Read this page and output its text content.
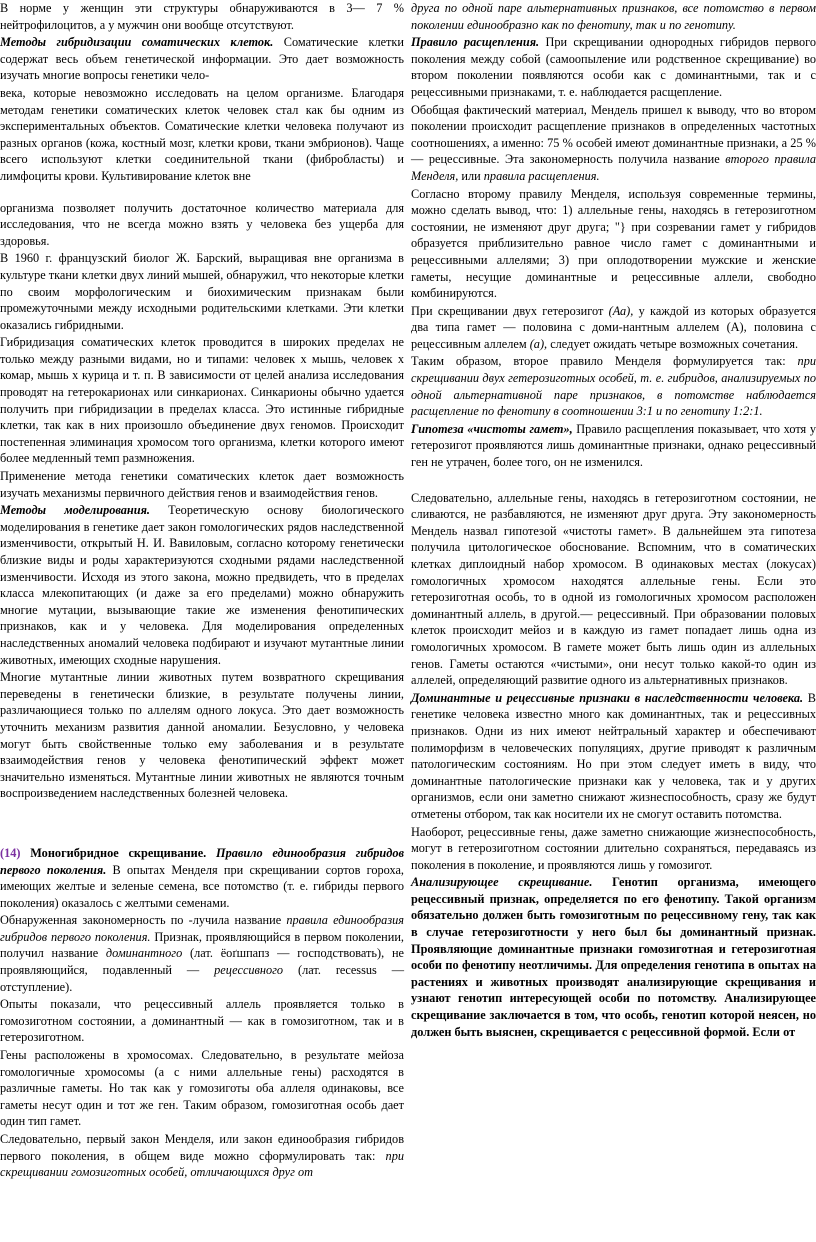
В норме у женщин эти структуры обнаруживаются в 3— 7 % нейтрофилоцитов, а у мужчин они вообще отсутствуют.

Методы гибридизации соматических клеток. Соматические клетки содержат весь объем генетической информации. Это дает возможность изучать многие вопросы генетики чело-

века, которые невозможно исследовать на целом организме. Благодаря методам генетики соматических клеток человек стал как бы одним из экспериментальных объектов. Соматические клетки человека получают из разных органов (кожа, костный мозг, клетки крови, ткани эмбрионов). Чаще всего используют клетки соединительной ткани (фибробласты) и лимфоциты крови. Культивирование клеток вне

организма позволяет получить достаточное количество материала для исследования, что не всегда можно взять у человека без ущерба для здоровья.

В 1960 г. французский биолог Ж. Барский, выращивая вне организма в культуре ткани клетки двух линий мышей, обнаружил, что некоторые клетки по своим морфологическим и биохимическим признакам были промежуточными между исходными родительскими клетками. Эти клетки оказались гибридными.

Гибридизация соматических клеток проводится в широких пределах не только между разными видами, но и типами: человек х мышь, человек х комар, мышь х курица и т. п. В зависимости от целей анализа исследования проводят на гетерокарионах или синкарионах. Синкарионы обычно удается получить при гибридизации в пределах класса. Это истинные гибридные клетки, так как в них произошло объединение двух геномов. Происходит постепенная элиминация хромосом того организма, клетки которого имеют более медленный темп размножения.

Применение метода генетики соматических клеток дает возможность изучать механизмы первичного действия генов и взаимодействия генов.

Методы моделирования. Теоретическую основу биологического моделирования в генетике дает закон гомологических рядов наследственной изменчивости, открытый Н. И. Вавиловым, согласно которому генетически близкие виды и роды характеризуются сходными рядами наследственной изменчивости. Исходя из этого закона, можно предвидеть, что в пределах класса млекопитающих (и даже за его пределами) можно обнаружить многие мутации, вызывающие такие же изменения фенотипических признаков, как и у человека. Для моделирования определенных наследственных аномалий человека подбирают и изучают мутантные линии животных, имеющих сходные нарушения.

Многие мутантные линии животных путем возвратного скрещивания переведены в генетически близкие, в результате получены линии, различающиеся только по аллелям одного локуса. Это дает возможность уточнить механизм развития данной аномалии. Безусловно, у человека могут быть свойственные только ему заболевания и в результате взаимодействия генов у человека фенотипический эффект может значительно изменяться. Мутантные линии животных не являются точным воспроизведением наследственных болезней человека.

(14) Моногибридное скрещивание. Правило единообразия гибридов первого поколения. В опытах Менделя при скрещивании сортов гороха, имеющих желтые и зеленые семена, все потомство (т. е. гибриды первого поколения) оказалось с желтыми семенами.

Обнаруженная закономерность по -лучила название правила единообразия гибридов первого поколения. Признак, проявляющийся в первом поколении, получил название доминантного (лат. ёоґшпапз — господствовать), не проявляющийся, подавленный — рецессивного (лат. recessus — отступление).

Опыты показали, что рецессивный аллель проявляется только в гомозиготном состоянии, а доминантный — как в гомозиготном, так и в гетерозиготном.

Гены расположены в хромосомах. Следовательно, в результате мейоза гомологичные хромосомы (а с ними аллельные гены) расходятся в различные гаметы. Но так как у гомозиготы оба аллеля одинаковы, все гаметы несут один и тот же ген. Таким образом, гомозиготная особь дает один тип гамет.

Следовательно, первый закон Менделя, или закон единообразия гибридов первого поколения, в общем виде можно сформулировать так: при скрещивании гомозиготных особей, отличающихся друг от

друга по одной паре альтернативных признаков, все потомство в первом поколении единообразно как по фенотипу, так и по генотипу.

Правило расщепления. При скрещивании однородных гибридов первого поколения между собой (самоопыление или родственное скрещивание) во втором поколении появляются особи как с доминантными, так и с рецессивными признаками, т. е. наблюдается расщепление.

Обобщая фактический материал, Мендель пришел к выводу, что во втором поколении происходит расщепление признаков в определенных частотных соотношениях, а именно: 75 % особей имеют доминантные признаки, а 25 % — рецессивные. Эта закономерность получила название второго правила Менделя, или правила расщепления.

Согласно второму правилу Менделя, используя современные термины, можно сделать вывод, что: 1) аллельные гены, находясь в гетерозиготном состоянии, не изменяют друг друга; "} при созревании гамет у гибридов образуется приблизительно равное число гамет с доминантными и рецессивными аллелями; 3) при оплодотворении мужские и женские гаметы, несущие доминантные и рецессивные аллели, свободно комбинируются.

При скрещивании двух гетерозигот (Аа), у каждой из которых образуется два типа гамет — половина с доми-нантным аллелем (А), половина с рецессивным аллелем (а), следует ожидать четыре возможных сочетания.

Таким образом, второе правило Менделя формулируется так: при скрещивании двух гетерозиготных особей, т. е. гибридов, анализируемых по одной альтернативной паре признаков, в потомстве наблюдается расщепление по фенотипу в соотношении 3:1 и по генотипу 1:2:1.

Гипотеза «чистоты гамет», Правило расщепления показывает, что хотя у гетерозигот проявляются лишь доминантные признаки, однако рецессивный ген не утрачен, более того, он не изменился.

Следовательно, аллельные гены, находясь в гетерозиготном состоянии, не сливаются, не разбавляются, не изменяют друг друга. Эту закономерность Мендель назвал гипотезой «чистоты гамет». В дальнейшем эта гипотеза получила цитологическое обоснование. Вспомним, что в соматических клетках диплоидный набор хромосом. В одинаковых местах (локусах) гомологичных хромосом находятся аллельные гены. Если это гетерозиготная особь, то в одной из гомологичных хромосом расположен доминантный аллель, в другой.— рецессивный. При образовании половых клеток происходит мейоз и в каждую из гамет попадает лишь одна из гомологичных хромосом. В гамете может быть лишь один из аллельных генов. Гаметы остаются «чистыми», они несут только какой-то один из аллелей, определяющий развитие одного из альтернативных признаков.

Доминантные и рецессивные признаки в наследственности человека. В генетике человека известно много как доминантных, так и рецессивных признаков. Одни из них имеют нейтральный характер и обеспечивают полиморфизм в человеческих популяциях, другие приводят к различным патологическим состояниям. Но при этом следует иметь в виду, что доминантные патологические признаки как у человека, так и у других организмов, если они заметно снижают жизнеспособность, сразу же будут отметены отбором, так как носители их не смогут оставить потомства.

Наоборот, рецессивные гены, даже заметно снижающие жизнеспособность, могут в гетерозиготном состоянии длительно сохраняться, передаваясь из поколения в поколение, и проявляются лишь у гомозигот.

Анализирующее скрещивание. Генотип организма, имеющего рецессивный признак, определяется по его фенотипу. Такой организм обязательно должен быть гомозиготным по рецессивному гену, так как в случае гетерозиготности у него был бы доминантный признак. Проявляющие доминантные признаки гомозиготная и гетерозиготная особи по фенотипу неотличимы. Для определения генотипа в опытах на растениях и животных производят анализирующие скрещивания и узнают генотип интересующей особи по потомству. Анализирующее скрещивание заключается в том, что особь, генотип которой неясен, но должен быть выяснен, скрещивается с рецессивной формой. Если от
